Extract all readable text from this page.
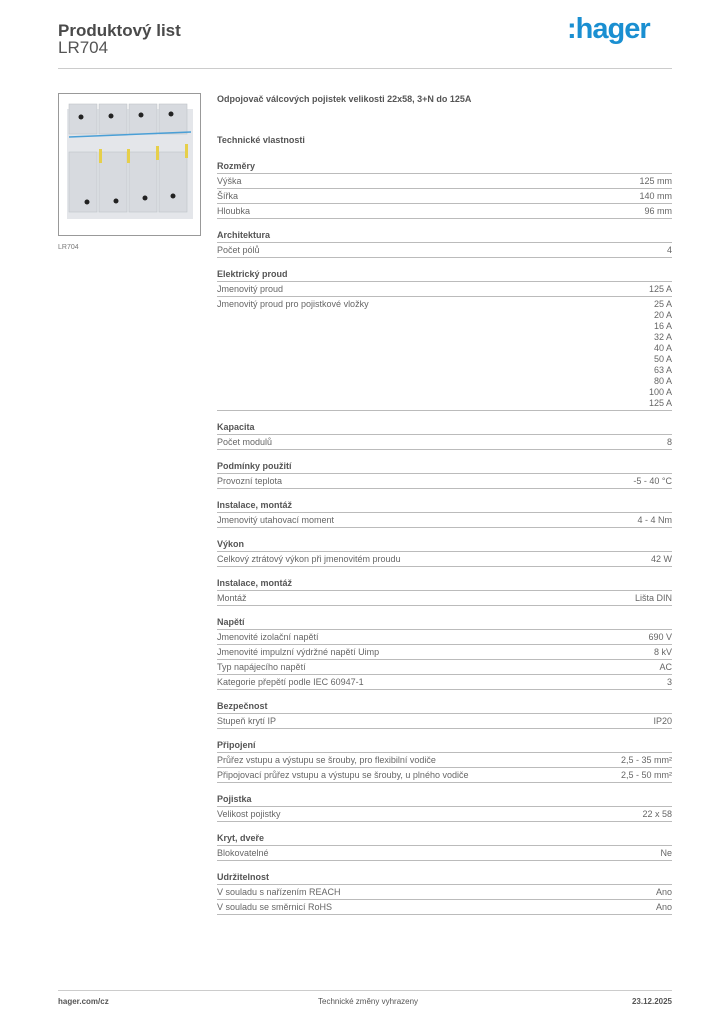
Produktový list
LR704
:hager
LR704
Odpojovač válcových pojistek velikosti 22x58, 3+N do 125A
Technické vlastnosti
Rozměry
Výška	125 mm
Šířka	140 mm
Hloubka	96 mm
Architektura
Počet pólů	4
Elektrický proud
Jmenovitý proud	125 A
Jmenovitý proud pro pojistkové vložky	25 A
20 A
16 A
32 A
40 A
50 A
63 A
80 A
100 A
125 A
Kapacita
Počet modulů	8
Podmínky použití
Provozní teplota	-5 - 40 °C
Instalace, montáž
Jmenovitý utahovací moment	4 - 4 Nm
Výkon
Celkový ztrátový výkon při jmenovitém proudu	42 W
Instalace, montáž
Montáž	Lišta DIN
Napětí
Jmenovité izolační napětí	690 V
Jmenovité impulzní výdržné napětí Uimp	8 kV
Typ napájecího napětí	AC
Kategorie přepětí podle IEC 60947-1	3
Bezpečnost
Stupeň krytí IP	IP20
Připojení
Průřez vstupu a výstupu se šrouby, pro flexibilní vodiče	2,5 - 35 mm²
Připojovací průřez vstupu a výstupu se šrouby, u plného vodiče	2,5 - 50 mm²
Pojistka
Velikost pojistky	22 x 58
Kryt, dveře
Blokovatelné	Ne
Udržitelnost
V souladu s nařízením REACH	Ano
V souladu se směrnicí RoHS	Ano
hager.com/cz	Technické změny vyhrazeny	23.12.2025
